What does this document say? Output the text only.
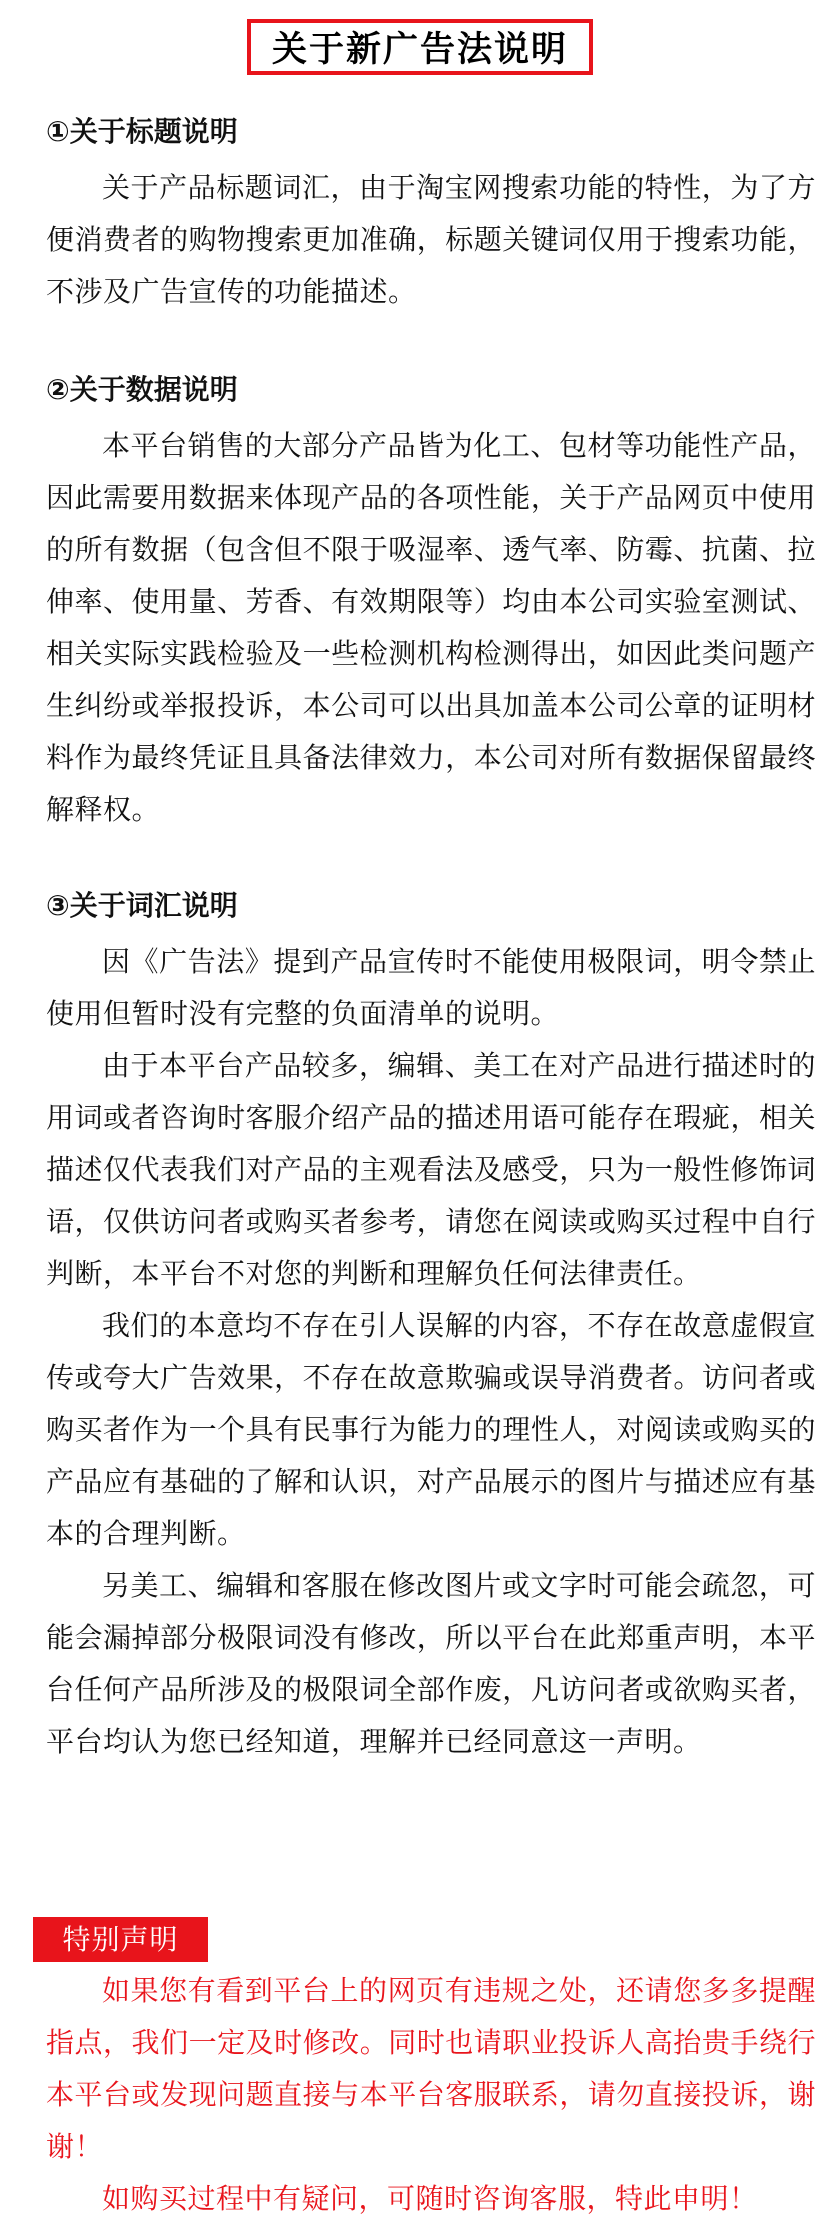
关于新广告法说明
①关于标题说明

关于产品标题词汇，由于淘宝网搜索功能的特性，为了方便消费者的购物搜索更加准确，标题关键词仅用于搜索功能，不涉及广告宣传的功能描述。

②关于数据说明

本平台销售的大部分产品皆为化工、包材等功能性产品，因此需要用数据来体现产品的各项性能，关于产品网页中使用的所有数据（包含但不限于吸湿率、透气率、防霉、抗菌、拉伸率、使用量、芳香、有效期限等）均由本公司实验室测试、相关实际实践检验及一些检测机构检测得出，如因此类问题产生纠纷或举报投诉，本公司可以出具加盖本公司公章的证明材料作为最终凭证且具备法律效力，本公司对所有数据保留最终解释权。

③关于词汇说明

因《广告法》提到产品宣传时不能使用极限词，明令禁止使用但暂时没有完整的负面清单的说明。

由于本平台产品较多，编辑、美工在对产品进行描述时的用词或者咨询时客服介绍产品的描述用语可能存在瑕疵，相关描述仅代表我们对产品的主观看法及感受，只为一般性修饰词语，仅供访问者或购买者参考，请您在阅读或购买过程中自行判断，本平台不对您的判断和理解负任何法律责任。

我们的本意均不存在引人误解的内容，不存在故意虚假宣传或夸大广告效果，不存在故意欺骗或误导消费者。访问者或购买者作为一个具有民事行为能力的理性人，对阅读或购买的产品应有基础的了解和认识，对产品展示的图片与描述应有基本的合理判断。

另美工、编辑和客服在修改图片或文字时可能会疏忽，可能会漏掉部分极限词没有修改，所以平台在此郑重声明，本平台任何产品所涉及的极限词全部作废，凡访问者或欲购买者，平台均认为您已经知道，理解并已经同意这一声明。

特别声明

如果您有看到平台上的网页有违规之处，还请您多多提醒指点，我们一定及时修改。同时也请职业投诉人高抬贵手绕行本平台或发现问题直接与本平台客服联系，请勿直接投诉，谢谢！

如购买过程中有疑问，可随时咨询客服，特此申明！
